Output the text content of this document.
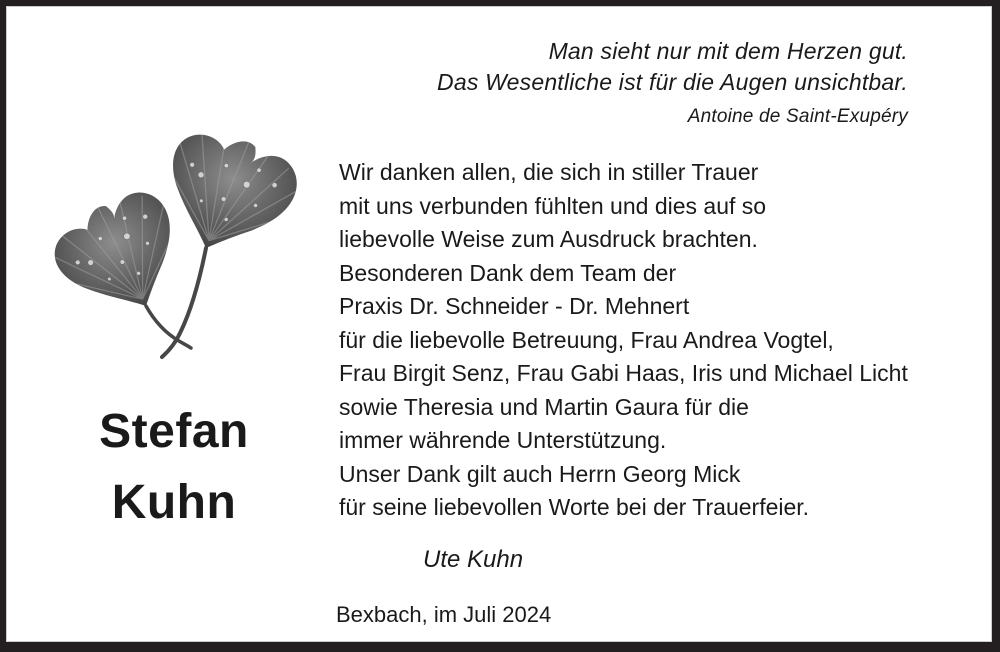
Man sieht nur mit dem Herzen gut.
Das Wesentliche ist für die Augen unsichtbar.
Antoine de Saint-Exupéry
Stefan
Kuhn
Wir danken allen, die sich in stiller Trauer
mit uns verbunden fühlten und dies auf so
liebevolle Weise zum Ausdruck brachten.
Besonderen Dank dem Team der
Praxis Dr. Schneider - Dr. Mehnert
für die liebevolle Betreuung, Frau Andrea Vogtel,
Frau Birgit Senz, Frau Gabi Haas, Iris und Michael Licht
sowie Theresia und Martin Gaura für die
immer währende Unterstützung.
Unser Dank gilt auch Herrn Georg Mick
für seine liebevollen Worte bei der Trauerfeier.
Ute Kuhn
Bexbach, im Juli 2024
